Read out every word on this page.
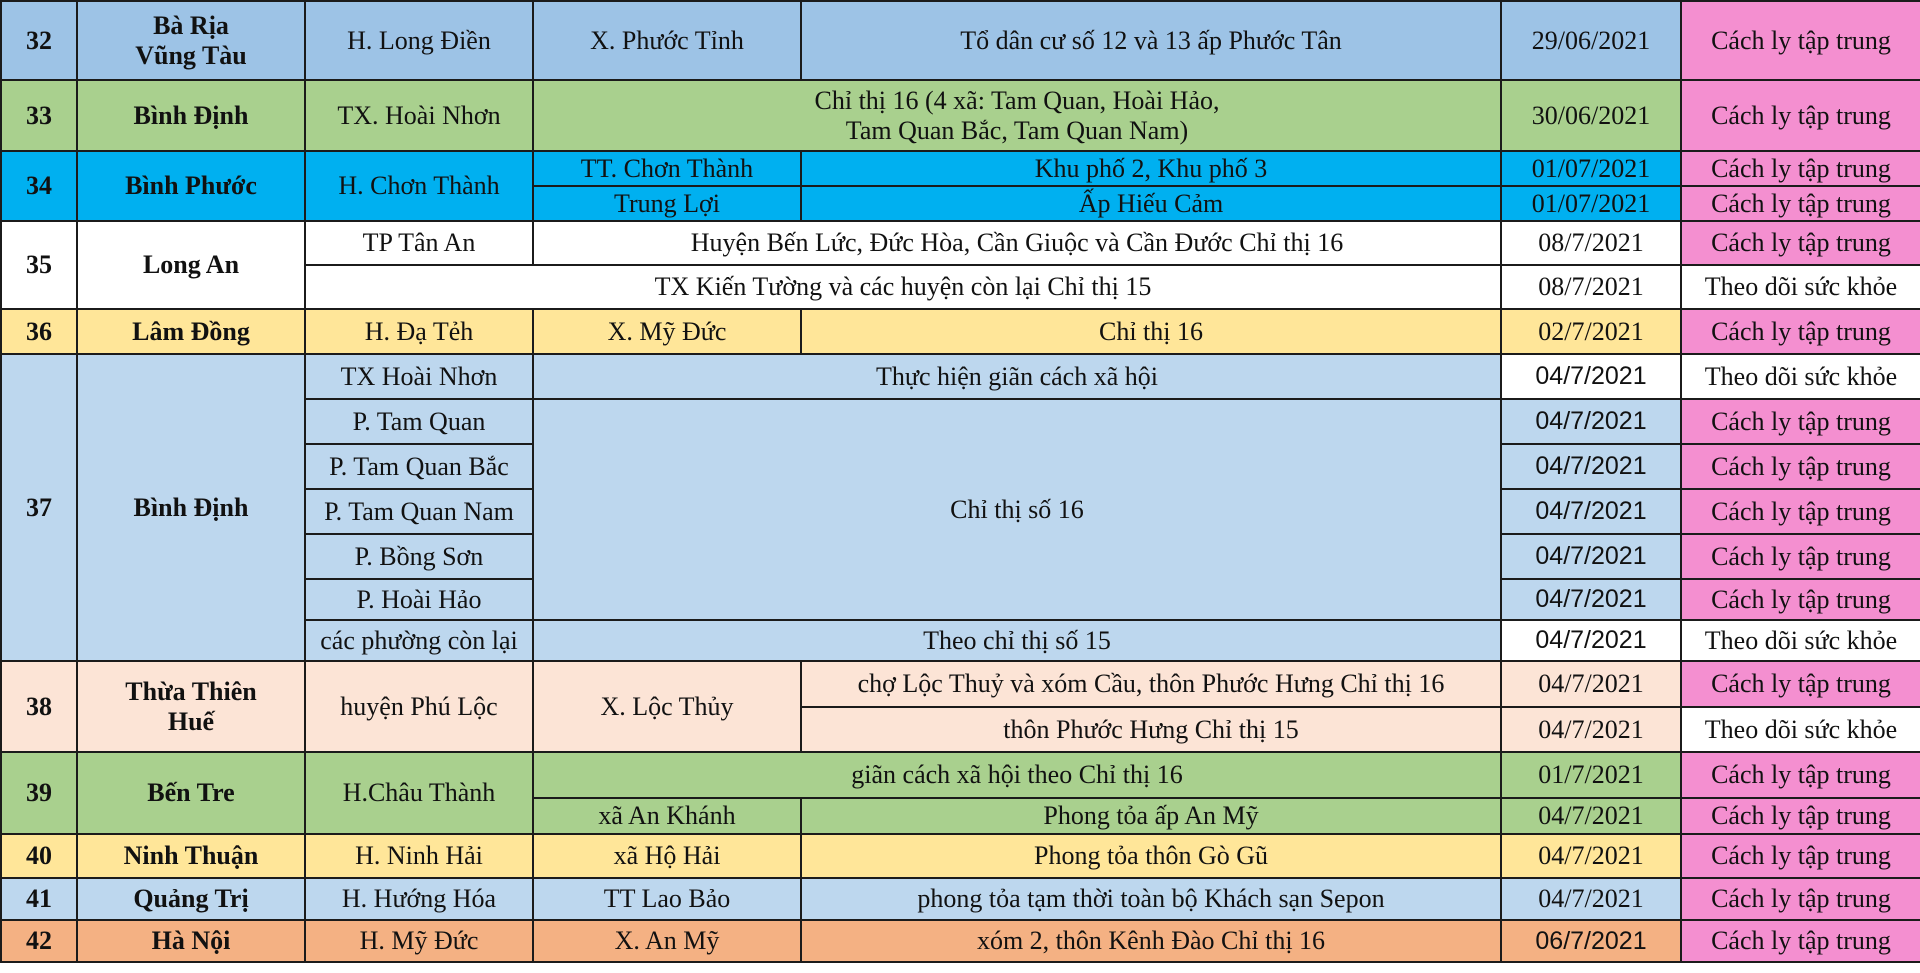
32	Bà Rịa
Vũng Tàu	H. Long Điền	X. Phước Tỉnh	Tổ dân cư số 12 và 13 ấp Phước Tân	29/06/2021	Cách ly tập trung
33	Bình Định	TX. Hoài Nhơn	Chỉ thị 16 (4 xã: Tam Quan, Hoài Hảo,
Tam Quan Bắc, Tam Quan Nam)		30/06/2021	Cách ly tập trung
34	Bình Phước	H. Chơn Thành	TT. Chơn Thành	Khu phố 2, Khu phố 3	01/07/2021	Cách ly tập trung
			Trung Lợi	Ấp Hiếu Cảm	01/07/2021	Cách ly tập trung
35	Long An	TP Tân An	Huyện Bến Lức, Đức Hòa, Cần Giuộc và Cần Đước Chỉ thị 16		08/7/2021	Cách ly tập trung
		TX Kiến Tường và các huyện còn lại Chỉ thị 15			08/7/2021	Theo dõi sức khỏe
36	Lâm Đồng	H. Đạ Tẻh	X. Mỹ Đức	Chỉ thị 16	02/7/2021	Cách ly tập trung
37	Bình Định	TX Hoài Nhơn	Thực hiện giãn cách xã hội		04/7/2021	Theo dõi sức khỏe
		P. Tam Quan	Chỉ thị số 16		04/7/2021	Cách ly tập trung
		P. Tam Quan Bắc			04/7/2021	Cách ly tập trung
		P. Tam Quan Nam			04/7/2021	Cách ly tập trung
		P. Bồng Sơn			04/7/2021	Cách ly tập trung
		P. Hoài Hảo			04/7/2021	Cách ly tập trung
		các phường còn lại	Theo chỉ thị số 15		04/7/2021	Theo dõi sức khỏe
38	Thừa Thiên
Huế	huyện Phú Lộc	X. Lộc Thủy	chợ Lộc Thuỷ và xóm Cầu, thôn Phước Hưng Chỉ thị 16	04/7/2021	Cách ly tập trung
				thôn Phước Hưng Chỉ thị 15	04/7/2021	Theo dõi sức khỏe
39	Bến Tre	H.Châu Thành	giãn cách xã hội theo Chỉ thị 16		01/7/2021	Cách ly tập trung
			xã An Khánh	Phong tỏa ấp An Mỹ	04/7/2021	Cách ly tập trung
40	Ninh Thuận	H. Ninh Hải	xã Hộ Hải	Phong tỏa thôn Gò Gũ	04/7/2021	Cách ly tập trung
41	Quảng Trị	H. Hướng Hóa	TT Lao Bảo	phong tỏa tạm thời toàn bộ Khách sạn Sepon	04/7/2021	Cách ly tập trung
42	Hà Nội	H. Mỹ Đức	X. An Mỹ	xóm 2, thôn Kênh Đào Chỉ thị 16	06/7/2021	Cách ly tập trung
